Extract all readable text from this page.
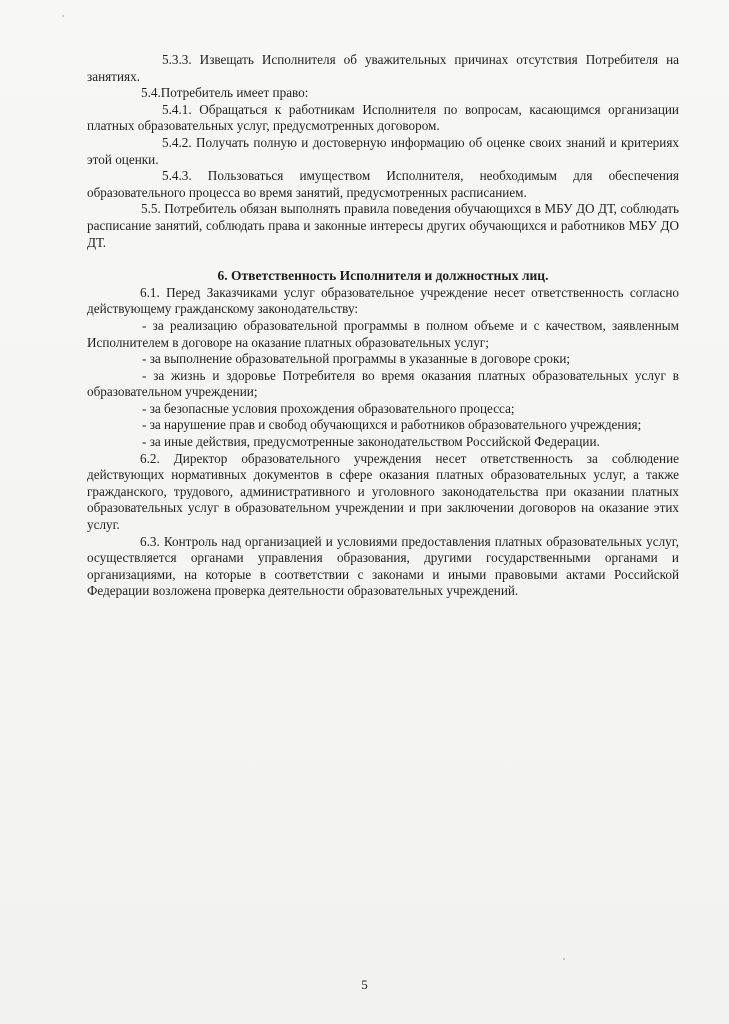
5.3.3. Извещать Исполнителя об уважительных причинах отсутствия Потребителя на занятиях.

5.4.Потребитель имеет право:

5.4.1. Обращаться к работникам Исполнителя по вопросам, касающимся организации платных образовательных услуг, предусмотренных договором.

5.4.2. Получать полную и достоверную информацию об оценке своих знаний и критериях этой оценки.

5.4.3. Пользоваться имуществом Исполнителя, необходимым для обеспечения образовательного процесса во время занятий, предусмотренных расписанием.

5.5. Потребитель обязан выполнять правила поведения обучающихся в МБУ ДО ДТ, соблюдать расписание занятий, соблюдать права и законные интересы других обучающихся и работников МБУ ДО ДТ.

6. Ответственность Исполнителя и должностных лиц.

6.1. Перед Заказчиками услуг образовательное учреждение несет ответственность согласно действующему гражданскому законодательству:

- за реализацию образовательной программы в полном объеме и с качеством, заявленным Исполнителем в договоре на оказание платных образовательных услуг;

- за выполнение образовательной программы в указанные в договоре сроки;

- за жизнь и здоровье Потребителя во время оказания платных образовательных услуг в образовательном учреждении;

- за безопасные условия прохождения образовательного процесса;

- за нарушение прав и свобод обучающихся и работников образовательного учреждения;

- за иные действия, предусмотренные законодательством Российской Федерации.

6.2. Директор образовательного учреждения несет ответственность за соблюдение действующих нормативных документов в сфере оказания платных образовательных услуг, а также гражданского, трудового, административного и уголовного законодательства при оказании платных образовательных услуг в образовательном учреждении и при заключении договоров на оказание этих услуг.

6.3. Контроль над организацией и условиями предоставления платных образовательных услуг, осуществляется органами управления образования, другими государственными органами и организациями, на которые в соответствии с законами и иными правовыми актами Российской Федерации возложена проверка деятельности образовательных учреждений.

5
